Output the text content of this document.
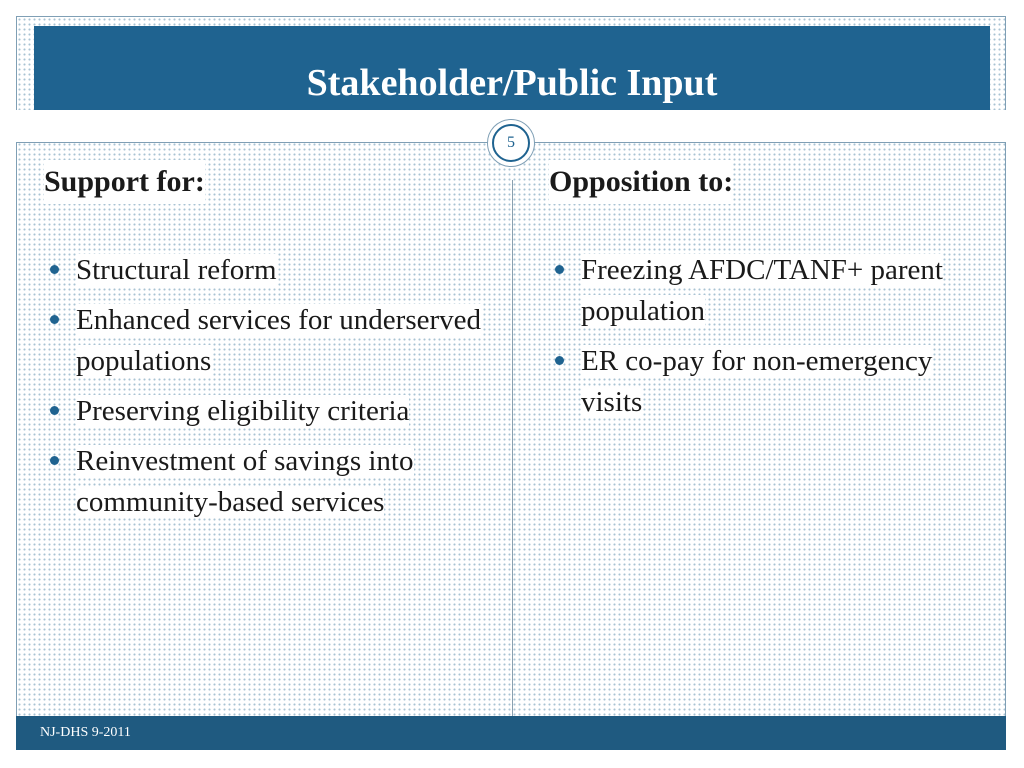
Stakeholder/Public Input
5
Support for:
Structural reform
Enhanced services for underserved populations
Preserving eligibility criteria
Reinvestment of savings into community-based services
Opposition to:
Freezing AFDC/TANF+ parent population
ER co-pay for non-emergency visits
NJ-DHS 9-2011
